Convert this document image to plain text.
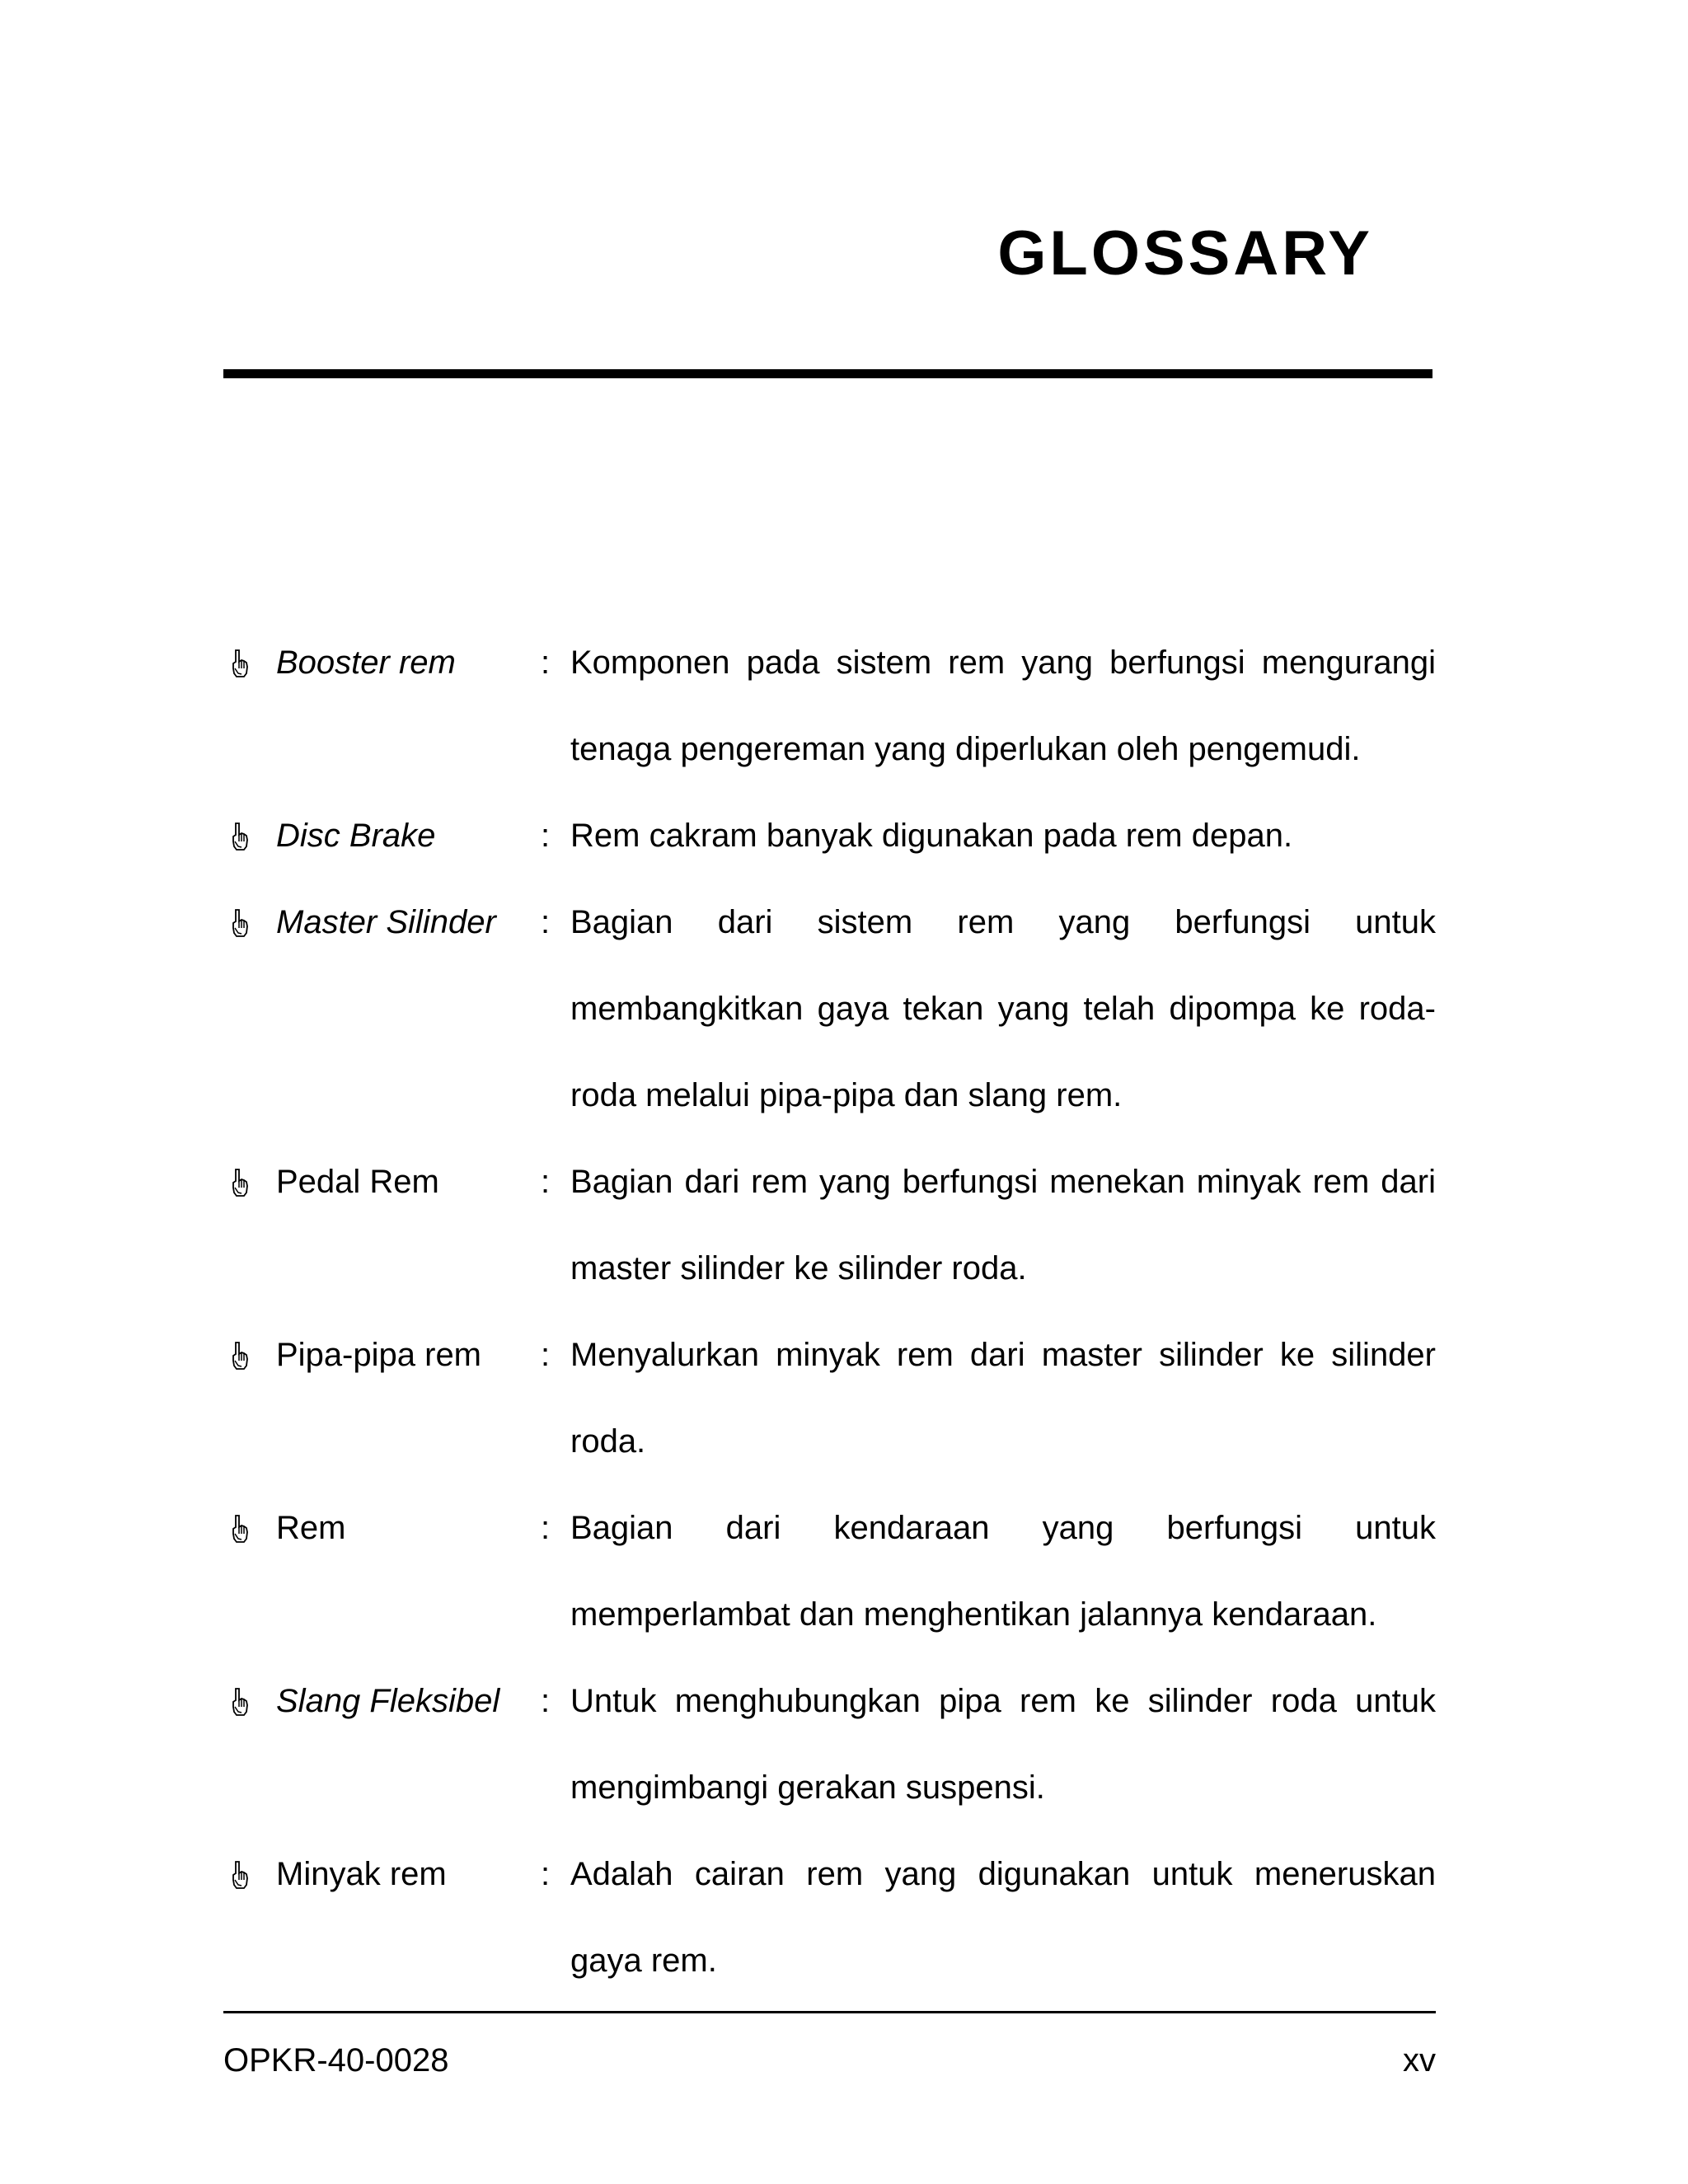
GLOSSARY
Booster rem	: Komponen pada sistem rem yang berfungsi mengurangi tenaga pengereman yang diperlukan oleh pengemudi.
Disc Brake	: Rem cakram banyak digunakan pada rem depan.
Master Silinder	: Bagian dari sistem rem yang berfungsi untuk membangkitkan gaya tekan yang telah dipompa ke roda-roda melalui pipa-pipa dan slang rem.
Pedal Rem	: Bagian dari rem yang berfungsi menekan minyak rem dari master silinder ke silinder roda.
Pipa-pipa rem	: Menyalurkan minyak rem dari master silinder ke silinder roda.
Rem	: Bagian dari kendaraan yang berfungsi untuk memperlambat dan menghentikan jalannya kendaraan.
Slang Fleksibel	: Untuk menghubungkan pipa rem ke silinder roda untuk mengimbangi gerakan suspensi.
Minyak rem	: Adalah cairan rem yang digunakan untuk meneruskan gaya rem.
OPKR-40-0028	xv
